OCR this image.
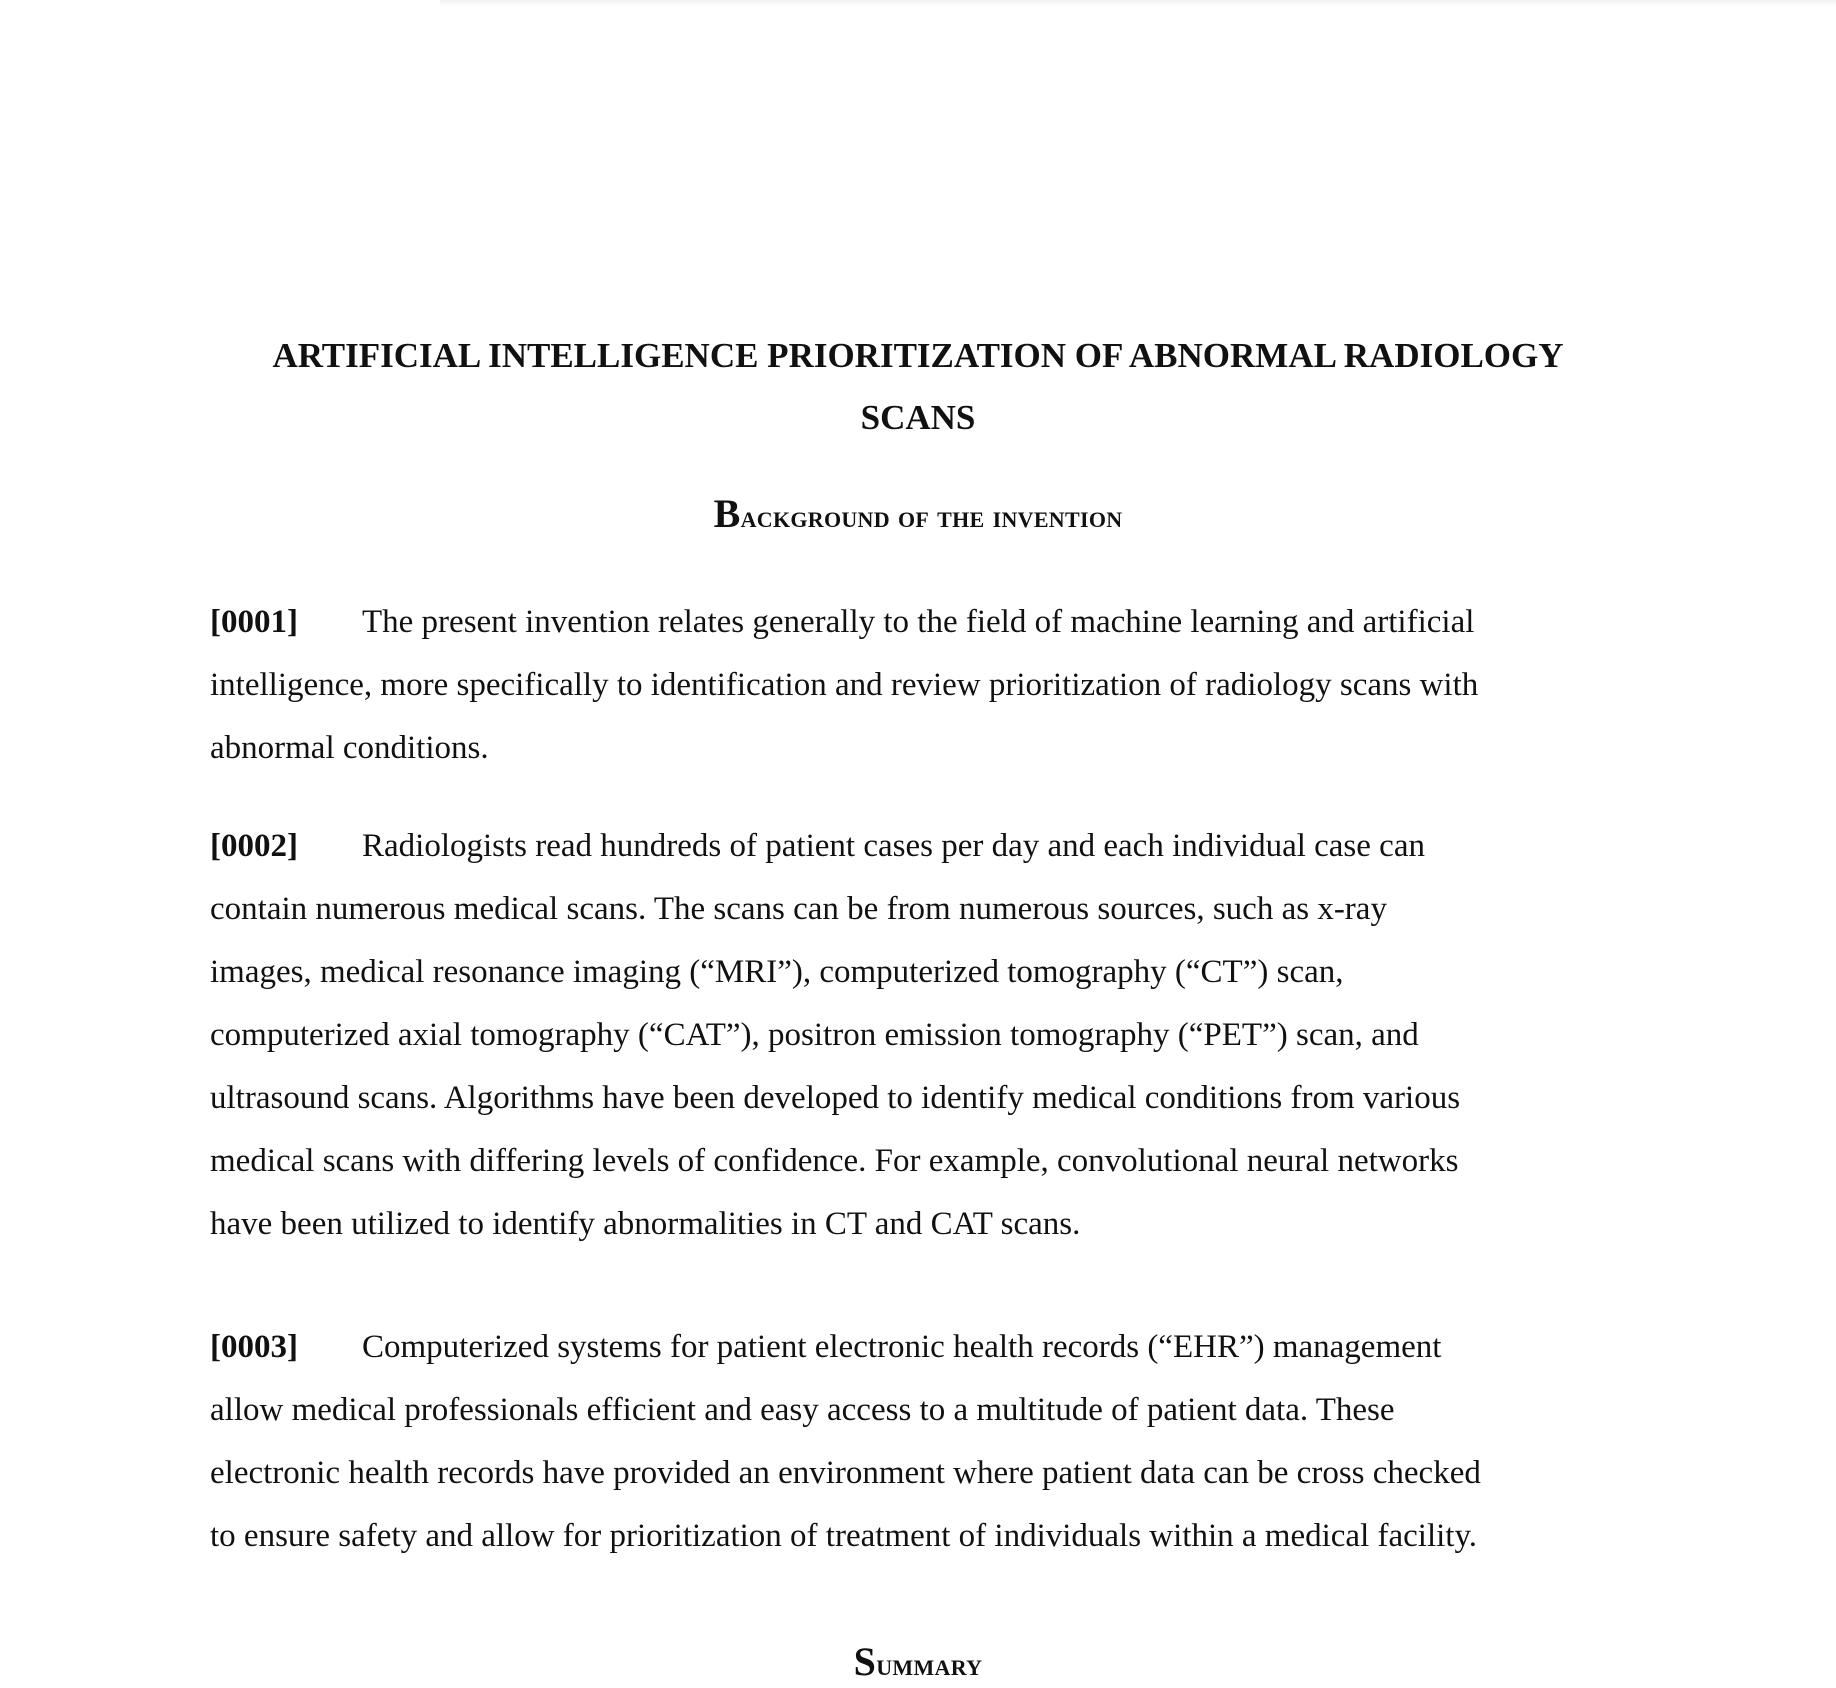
ARTIFICIAL INTELLIGENCE PRIORITIZATION OF ABNORMAL RADIOLOGY
SCANS
Background of the invention

[0001] The present invention relates generally to the field of machine learning and artificial
intelligence, more specifically to identification and review prioritization of radiology scans with
abnormal conditions.

[0002] Radiologists read hundreds of patient cases per day and each individual case can
contain numerous medical scans. The scans can be from numerous sources, such as x-ray
images, medical resonance imaging (“MRI”), computerized tomography (“CT”) scan,
computerized axial tomography (“CAT”), positron emission tomography (“PET”) scan, and
ultrasound scans. Algorithms have been developed to identify medical conditions from various
medical scans with differing levels of confidence. For example, convolutional neural networks
have been utilized to identify abnormalities in CT and CAT scans.

[0003] Computerized systems for patient electronic health records (“EHR”) management
allow medical professionals efficient and easy access to a multitude of patient data. These
electronic health records have provided an environment where patient data can be cross checked
to ensure safety and allow for prioritization of treatment of individuals within a medical facility.

Summary
